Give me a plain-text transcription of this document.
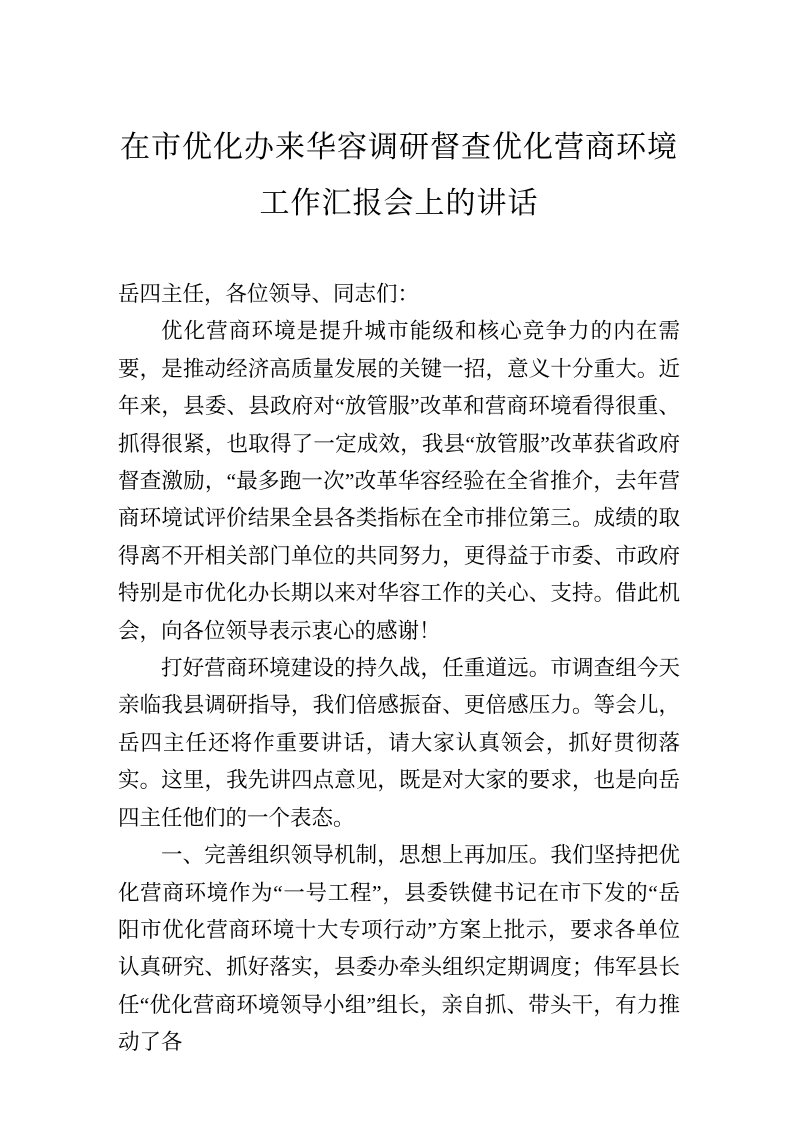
在市优化办来华容调研督查优化营商环境
工作汇报会上的讲话

岳四主任，各位领导、同志们：

优化营商环境是提升城市能级和核心竞争力的内在需要，是推动经济高质量发展的关键一招，意义十分重大。近年来，县委、县政府对“放管服”改革和营商环境看得很重、抓得很紧，也取得了一定成效，我县“放管服”改革获省政府督查激励，“最多跑一次”改革华容经验在全省推介，去年营商环境试评价结果全县各类指标在全市排位第三。成绩的取得离不开相关部门单位的共同努力，更得益于市委、市政府特别是市优化办长期以来对华容工作的关心、支持。借此机会，向各位领导表示衷心的感谢！

打好营商环境建设的持久战，任重道远。市调查组今天亲临我县调研指导，我们倍感振奋、更倍感压力。等会儿，岳四主任还将作重要讲话，请大家认真领会，抓好贯彻落实。这里，我先讲四点意见，既是对大家的要求，也是向岳四主任他们的一个表态。

一、完善组织领导机制，思想上再加压。我们坚持把优化营商环境作为“一号工程”，县委铁健书记在市下发的“岳阳市优化营商环境十大专项行动”方案上批示，要求各单位认真研究、抓好落实，县委办牵头组织定期调度；伟军县长任“优化营商环境领导小组”组长，亲自抓、带头干，有力推动了各
